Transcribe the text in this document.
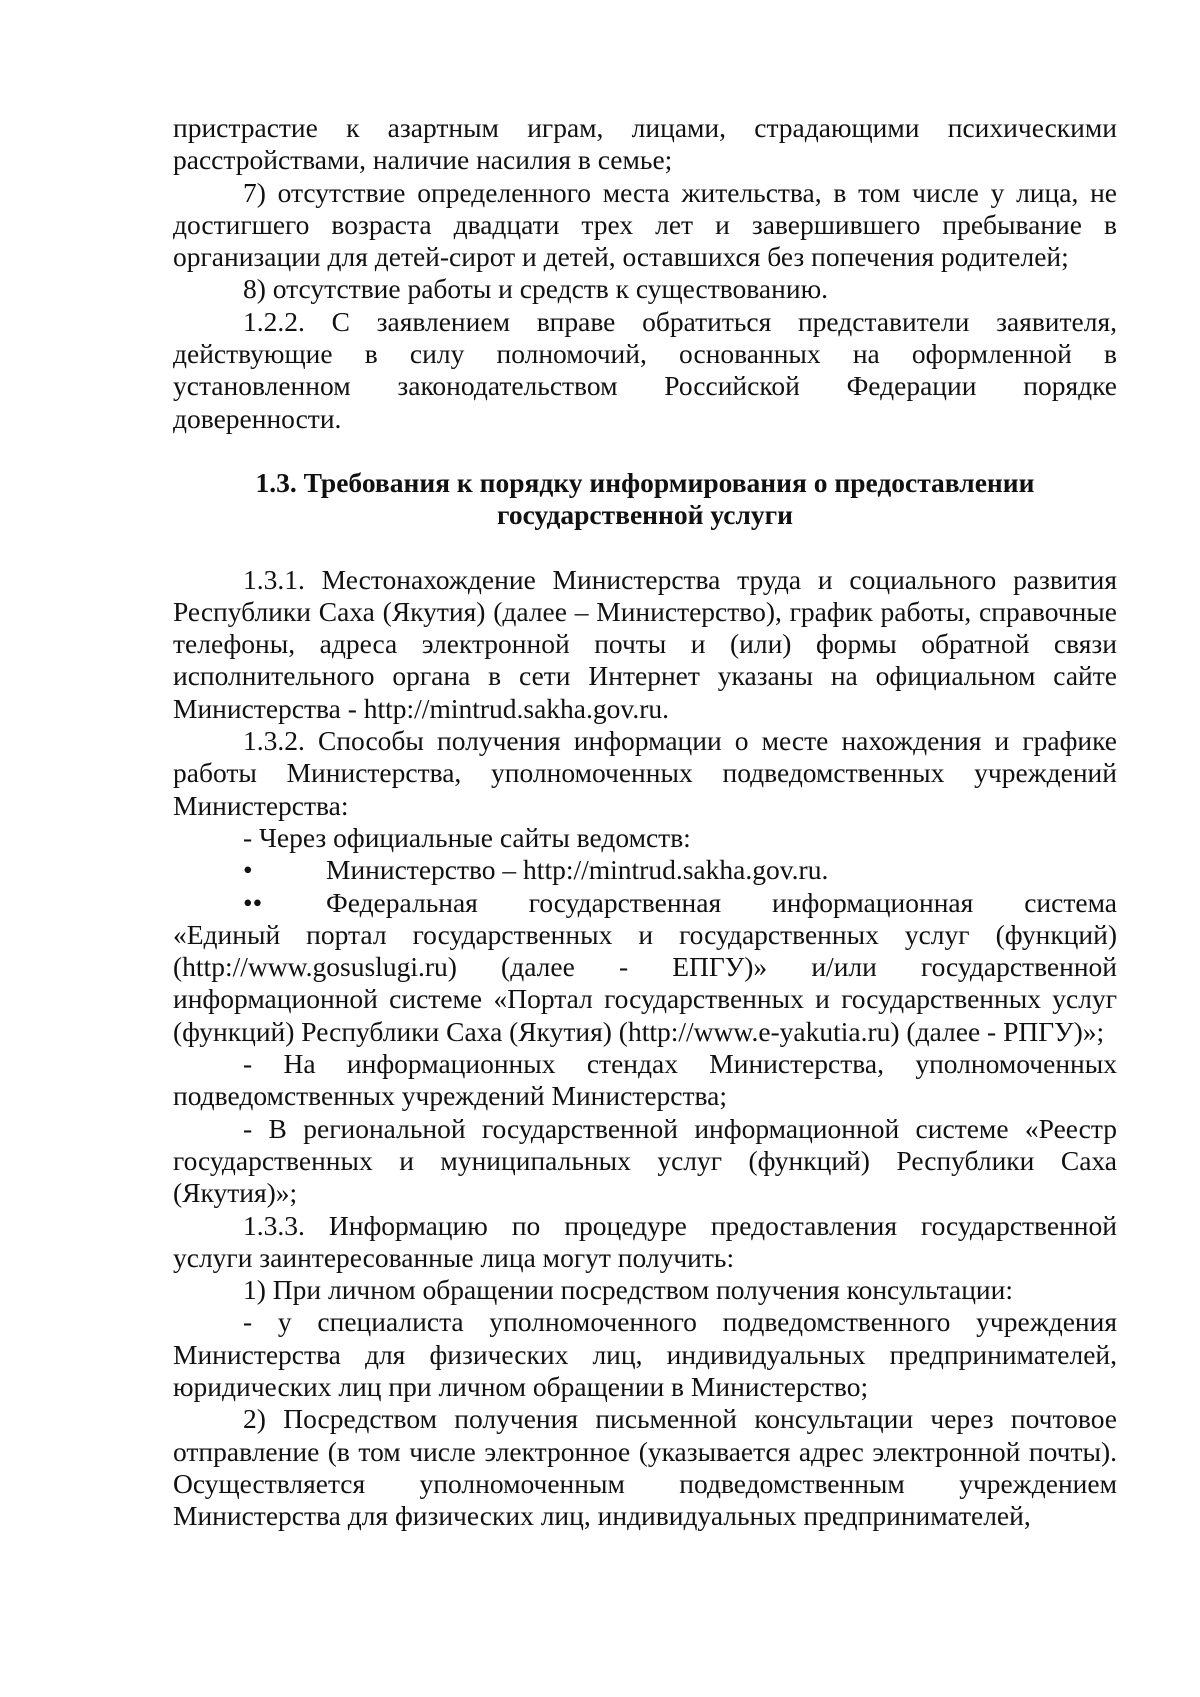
пристрастие к азартным играм, лицами, страдающими психическими расстройствами, наличие насилия в семье;

7) отсутствие определенного места жительства, в том числе у лица, не достигшего возраста двадцати трех лет и завершившего пребывание в организации для детей-сирот и детей, оставшихся без попечения родителей;

8) отсутствие работы и средств к существованию.

1.2.2. С заявлением вправе обратиться представители заявителя, действующие в силу полномочий, основанных на оформленной в установленном законодательством Российской Федерации порядке доверенности.

1.3. Требования к порядку информирования о предоставлении государственной услуги

1.3.1. Местонахождение Министерства труда и социального развития Республики Саха (Якутия) (далее – Министерство), график работы, справочные телефоны, адреса электронной почты и (или) формы обратной связи исполнительного органа в сети Интернет указаны на официальном сайте Министерства - http://mintrud.sakha.gov.ru.

1.3.2. Способы получения информации о месте нахождения и графике работы Министерства, уполномоченных подведомственных учреждений Министерства:

- Через официальные сайты ведомств:

•	Министерство – http://mintrud.sakha.gov.ru.
••	Федеральная государственная информационная система

«Единый портал государственных и государственных услуг (функций) (http://www.gosuslugi.ru) (далее - ЕПГУ)» и/или государственной информационной системе «Портал государственных и государственных услуг (функций) Республики Саха (Якутия) (http://www.e-yakutia.ru) (далее - РПГУ)»;

- На информационных стендах Министерства, уполномоченных подведомственных учреждений Министерства;

- В региональной государственной информационной системе «Реестр государственных и муниципальных услуг (функций) Республики Саха (Якутия)»;

1.3.3. Информацию по процедуре предоставления государственной услуги заинтересованные лица могут получить:

1) При личном обращении посредством получения консультации:

- у специалиста уполномоченного подведомственного учреждения Министерства для физических лиц, индивидуальных предпринимателей, юридических лиц при личном обращении в Министерство;

2) Посредством получения письменной консультации через почтовое отправление (в том числе электронное (указывается адрес электронной почты). Осуществляется уполномоченным подведомственным учреждением Министерства для физических лиц, индивидуальных предпринимателей,
